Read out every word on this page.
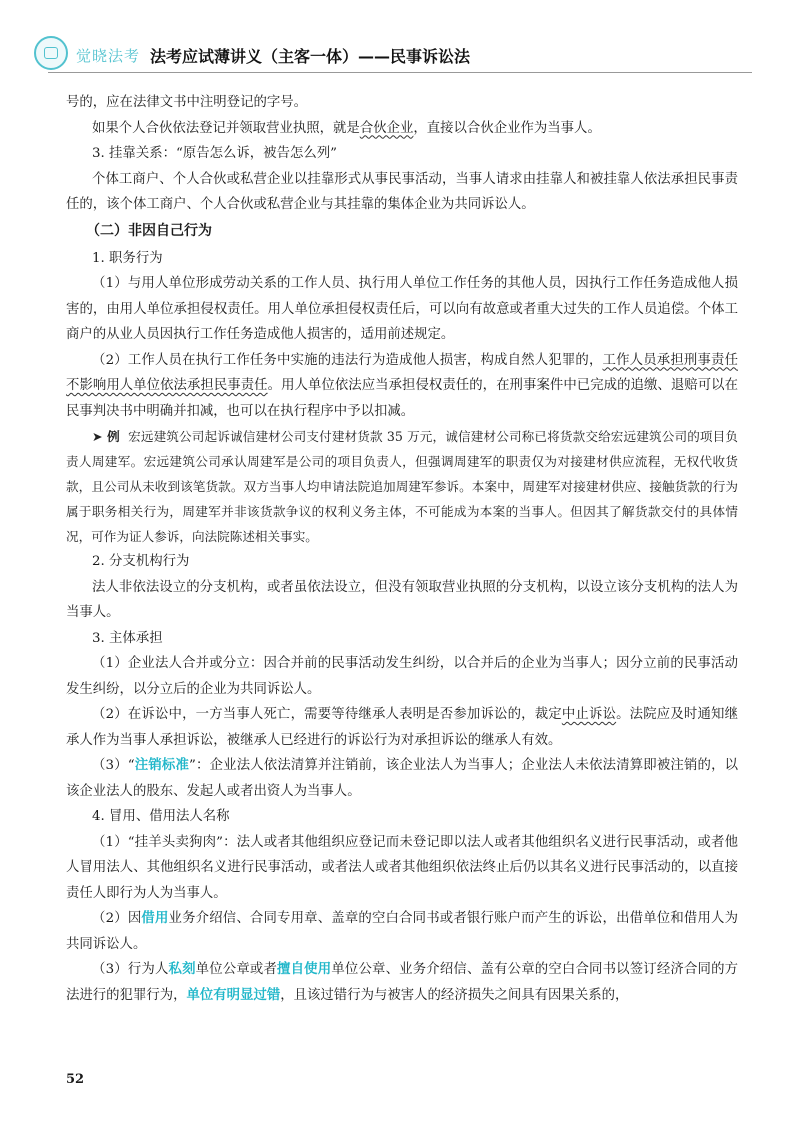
觉晓法考 法考应试薄讲义（主客一体）——民事诉讼法

号的，应在法律文书中注明登记的字号。

如果个人合伙依法登记并领取营业执照，就是合伙企业，直接以合伙企业作为当事人。

3. 挂靠关系：“原告怎么诉，被告怎么列”

个体工商户、个人合伙或私营企业以挂靠形式从事民事活动，当事人请求由挂靠人和被挂靠人依法承担民事责任的，该个体工商户、个人合伙或私营企业与其挂靠的集体企业为共同诉讼人。

（二）非因自己行为

1. 职务行为

（1）与用人单位形成劳动关系的工作人员、执行用人单位工作任务的其他人员，因执行工作任务造成他人损害的，由用人单位承担侵权责任。用人单位承担侵权责任后，可以向有故意或者重大过失的工作人员追偿。个体工商户的从业人员因执行工作任务造成他人损害的，适用前述规定。

（2）工作人员在执行工作任务中实施的违法行为造成他人损害，构成自然人犯罪的，工作人员承担刑事责任不影响用人单位依法承担民事责任。用人单位依法应当承担侵权责任的，在刑事案件中已完成的追缴、退赔可以在民事判决书中明确并扣减，也可以在执行程序中予以扣减。

➤ 例 宏远建筑公司起诉诚信建材公司支付建材货款 35 万元，诚信建材公司称已将货款交给宏远建筑公司的项目负责人周建军。宏远建筑公司承认周建军是公司的项目负责人，但强调周建军的职责仅为对接建材供应流程，无权代收货款，且公司从未收到该笔货款。双方当事人均申请法院追加周建军参诉。本案中，周建军对接建材供应、接触货款的行为属于职务相关行为，周建军并非该货款争议的权利义务主体，不可能成为本案的当事人。但因其了解货款交付的具体情况，可作为证人参诉，向法院陈述相关事实。

2. 分支机构行为

法人非依法设立的分支机构，或者虽依法设立，但没有领取营业执照的分支机构，以设立该分支机构的法人为当事人。

3. 主体承担

（1）企业法人合并或分立：因合并前的民事活动发生纠纷，以合并后的企业为当事人；因分立前的民事活动发生纠纷，以分立后的企业为共同诉讼人。

（2）在诉讼中，一方当事人死亡，需要等待继承人表明是否参加诉讼的，裁定中止诉讼。法院应及时通知继承人作为当事人承担诉讼，被继承人已经进行的诉讼行为对承担诉讼的继承人有效。

（3）“注销标准”：企业法人依法清算并注销前，该企业法人为当事人；企业法人未依法清算即被注销的，以该企业法人的股东、发起人或者出资人为当事人。

4. 冒用、借用法人名称

（1）“挂羊头卖狗肉”：法人或者其他组织应登记而未登记即以法人或者其他组织名义进行民事活动，或者他人冒用法人、其他组织名义进行民事活动，或者法人或者其他组织依法终止后仍以其名义进行民事活动的，以直接责任人即行为人为当事人。

（2）因借用业务介绍信、合同专用章、盖章的空白合同书或者银行账户而产生的诉讼，出借单位和借用人为共同诉讼人。

（3）行为人私刻单位公章或者擅自使用单位公章、业务介绍信、盖有公章的空白合同书以签订经济合同的方法进行的犯罪行为，单位有明显过错，且该过错行为与被害人的经济损失之间具有因果关系的，

52
